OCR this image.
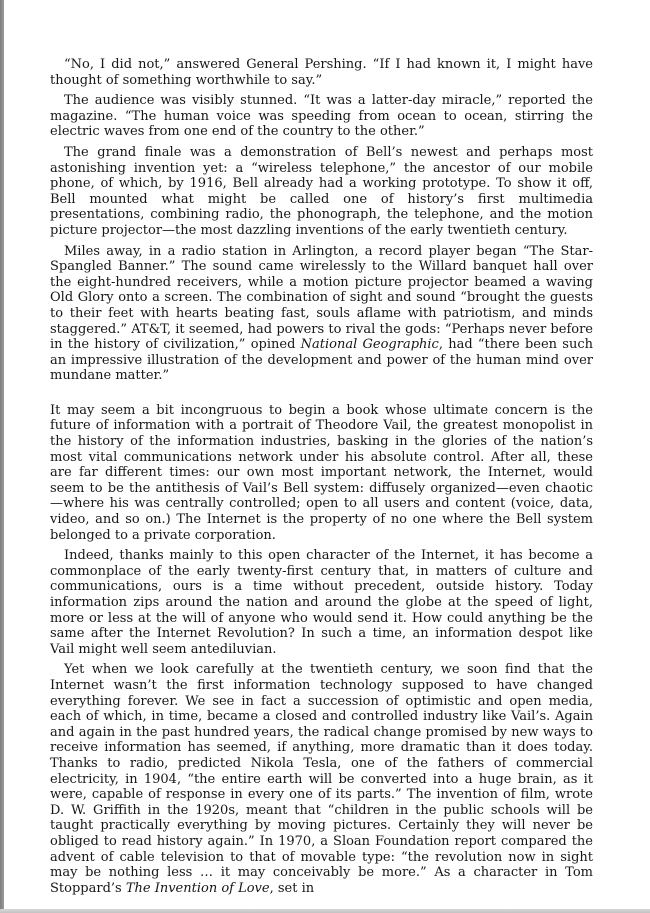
“No, I did not,” answered General Pershing. “If I had known it, I might have thought of something worthwhile to say.”

The audience was visibly stunned. “It was a latter-day miracle,” reported the magazine. “The human voice was speeding from ocean to ocean, stirring the electric waves from one end of the country to the other.”

The grand finale was a demonstration of Bell’s newest and perhaps most astonishing invention yet: a “wireless telephone,” the ancestor of our mobile phone, of which, by 1916, Bell already had a working prototype. To show it off, Bell mounted what might be called one of history’s first multimedia presentations, combining radio, the phonograph, the telephone, and the motion picture projector—the most dazzling inventions of the early twentieth century.

Miles away, in a radio station in Arlington, a record player began “The Star-Spangled Banner.” The sound came wirelessly to the Willard banquet hall over the eight-hundred receivers, while a motion picture projector beamed a waving Old Glory onto a screen. The combination of sight and sound “brought the guests to their feet with hearts beating fast, souls aflame with patriotism, and minds staggered.” AT&T, it seemed, had powers to rival the gods: “Perhaps never before in the history of civilization,” opined National Geographic, had “there been such an impressive illustration of the development and power of the human mind over mundane matter.”

It may seem a bit incongruous to begin a book whose ultimate concern is the future of information with a portrait of Theodore Vail, the greatest monopolist in the history of the information industries, basking in the glories of the nation’s most vital communications network under his absolute control. After all, these are far different times: our own most important network, the Internet, would seem to be the antithesis of Vail’s Bell system: diffusely organized—even chaotic—where his was centrally controlled; open to all users and content (voice, data, video, and so on.) The Internet is the property of no one where the Bell system belonged to a private corporation.

Indeed, thanks mainly to this open character of the Internet, it has become a commonplace of the early twenty-first century that, in matters of culture and communications, ours is a time without precedent, outside history. Today information zips around the nation and around the globe at the speed of light, more or less at the will of anyone who would send it. How could anything be the same after the Internet Revolution? In such a time, an information despot like Vail might well seem antediluvian.

Yet when we look carefully at the twentieth century, we soon find that the Internet wasn’t the first information technology supposed to have changed everything forever. We see in fact a succession of optimistic and open media, each of which, in time, became a closed and controlled industry like Vail’s. Again and again in the past hundred years, the radical change promised by new ways to receive information has seemed, if anything, more dramatic than it does today. Thanks to radio, predicted Nikola Tesla, one of the fathers of commercial electricity, in 1904, “the entire earth will be converted into a huge brain, as it were, capable of response in every one of its parts.” The invention of film, wrote D. W. Griffith in the 1920s, meant that “children in the public schools will be taught practically everything by moving pictures. Certainly they will never be obliged to read history again.” In 1970, a Sloan Foundation report compared the advent of cable television to that of movable type: “the revolution now in sight may be nothing less … it may conceivably be more.” As a character in Tom Stoppard’s The Invention of Love, set in
